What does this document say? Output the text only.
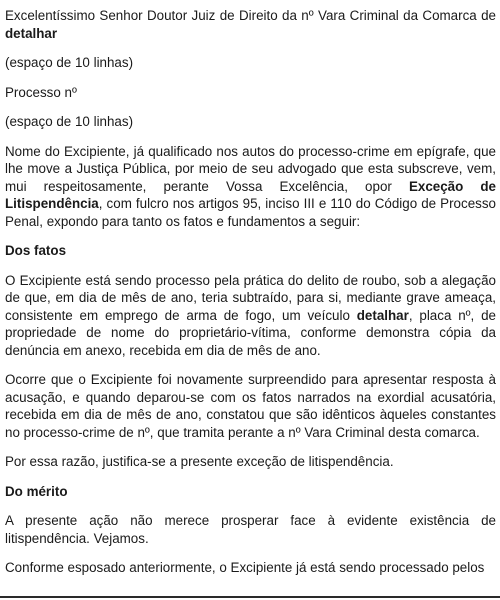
Excelentíssimo Senhor Doutor Juiz de Direito da nº Vara Criminal da Comarca de detalhar

(espaço de 10 linhas)

Processo nº

(espaço de 10 linhas)

Nome do Excipiente, já qualificado nos autos do processo-crime em epígrafe, que lhe move a Justiça Pública, por meio de seu advogado que esta subscreve, vem, mui respeitosamente, perante Vossa Excelência, opor Exceção de Litispendência, com fulcro nos artigos 95, inciso III e 110 do Código de Processo Penal, expondo para tanto os fatos e fundamentos a seguir:

Dos fatos

O Excipiente está sendo processo pela prática do delito de roubo, sob a alegação de que, em dia de mês de ano, teria subtraído, para si, mediante grave ameaça, consistente em emprego de arma de fogo, um veículo detalhar, placa nº, de propriedade de nome do proprietário-vítima, conforme demonstra cópia da denúncia em anexo, recebida em dia de mês de ano.

Ocorre que o Excipiente foi novamente surpreendido para apresentar resposta à acusação, e quando deparou-se com os fatos narrados na exordial acusatória, recebida em dia de mês de ano, constatou que são idênticos àqueles constantes no processo-crime de nº, que tramita perante a nº Vara Criminal desta comarca.

Por essa razão, justifica-se a presente exceção de litispendência.

Do mérito

A presente ação não merece prosperar face à evidente existência de litispendência. Vejamos.

Conforme esposado anteriormente, o Excipiente já está sendo processado pelos
